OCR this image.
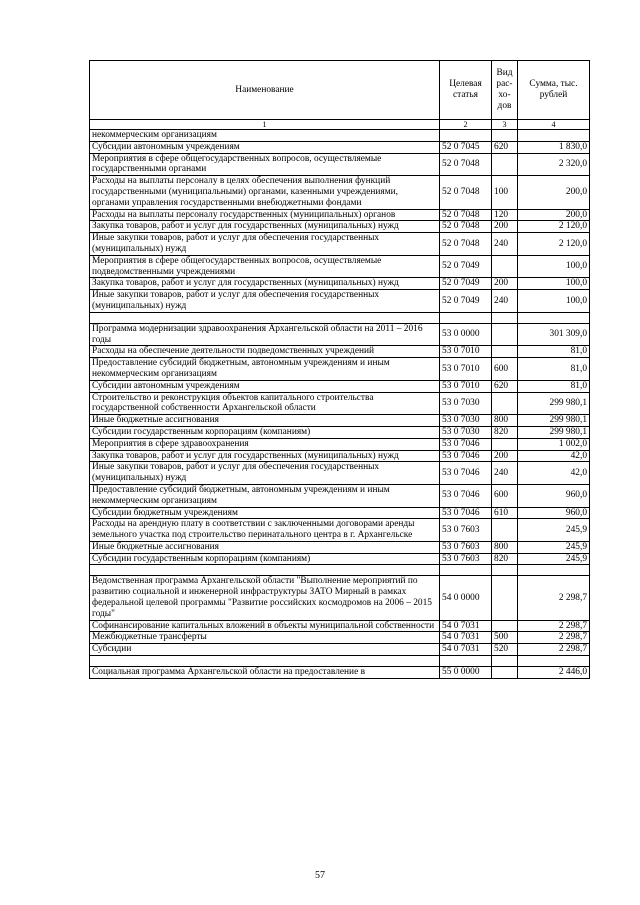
Наименование	Целевая статья	Вид рас-хо-дов	Сумма, тыс. рублей
1	2	3	4
некоммерческим организациям			
Субсидии автономным учреждениям	52 0 7045	620	1 830,0
Мероприятия в сфере общегосударственных вопросов, осуществляемые государственными органами	52 0 7048		2 320,0
Расходы на выплаты персоналу в целях обеспечения выполнения функций государственными (муниципальными) органами, казенными учреждениями, органами управления государственными внебюджетными фондами	52 0 7048	100	200,0
Расходы на выплаты персоналу государственных (муниципальных) органов	52 0 7048	120	200,0
Закупка товаров, работ и услуг для государственных (муниципальных) нужд	52 0 7048	200	2 120,0
Иные закупки товаров, работ и услуг для обеспечения государственных (муниципальных) нужд	52 0 7048	240	2 120,0
Мероприятия в сфере общегосударственных вопросов, осуществляемые подведомственными учреждениями	52 0 7049		100,0
Закупка товаров, работ и услуг для государственных (муниципальных) нужд	52 0 7049	200	100,0
Иные закупки товаров, работ и услуг для обеспечения государственных (муниципальных) нужд	52 0 7049	240	100,0

Программа модернизации здравоохранения Архангельской области на 2011 – 2016 годы	53 0 0000		301 309,0
Расходы на обеспечение деятельности подведомственных учреждений	53 0 7010		81,0
Предоставление субсидий бюджетным, автономным учреждениям и иным некоммерческим организациям	53 0 7010	600	81,0
Субсидии автономным учреждениям	53 0 7010	620	81,0
Строительство и реконструкция объектов капитального строительства государственной собственности Архангельской области	53 0 7030		299 980,1
Иные бюджетные ассигнования	53 0 7030	800	299 980,1
Субсидии государственным корпорациям (компаниям)	53 0 7030	820	299 980,1
Мероприятия в сфере здравоохранения	53 0 7046		1 002,0
Закупка товаров, работ и услуг для государственных (муниципальных) нужд	53 0 7046	200	42,0
Иные закупки товаров, работ и услуг для обеспечения государственных (муниципальных) нужд	53 0 7046	240	42,0
Предоставление субсидий бюджетным, автономным учреждениям и иным некоммерческим организациям	53 0 7046	600	960,0
Субсидии бюджетным учреждениям	53 0 7046	610	960,0
Расходы на арендную плату в соответствии с заключенными договорами аренды земельного участка под строительство перинатального центра в г. Архангельске	53 0 7603		245,9
Иные бюджетные ассигнования	53 0 7603	800	245,9
Субсидии государственным корпорациям (компаниям)	53 0 7603	820	245,9

Ведомственная программа Архангельской области "Выполнение мероприятий по развитию социальной и инженерной инфраструктуры ЗАТО Мирный в рамках федеральной целевой программы "Развитие российских космодромов на 2006 – 2015 годы"	54 0 0000		2 298,7
Софинансирование капитальных вложений в объекты муниципальной собственности	54 0 7031		2 298,7
Межбюджетные трансферты	54 0 7031	500	2 298,7
Субсидии	54 0 7031	520	2 298,7

Социальная программа Архангельской области на предоставление в	55 0 0000		2 446,0
57
